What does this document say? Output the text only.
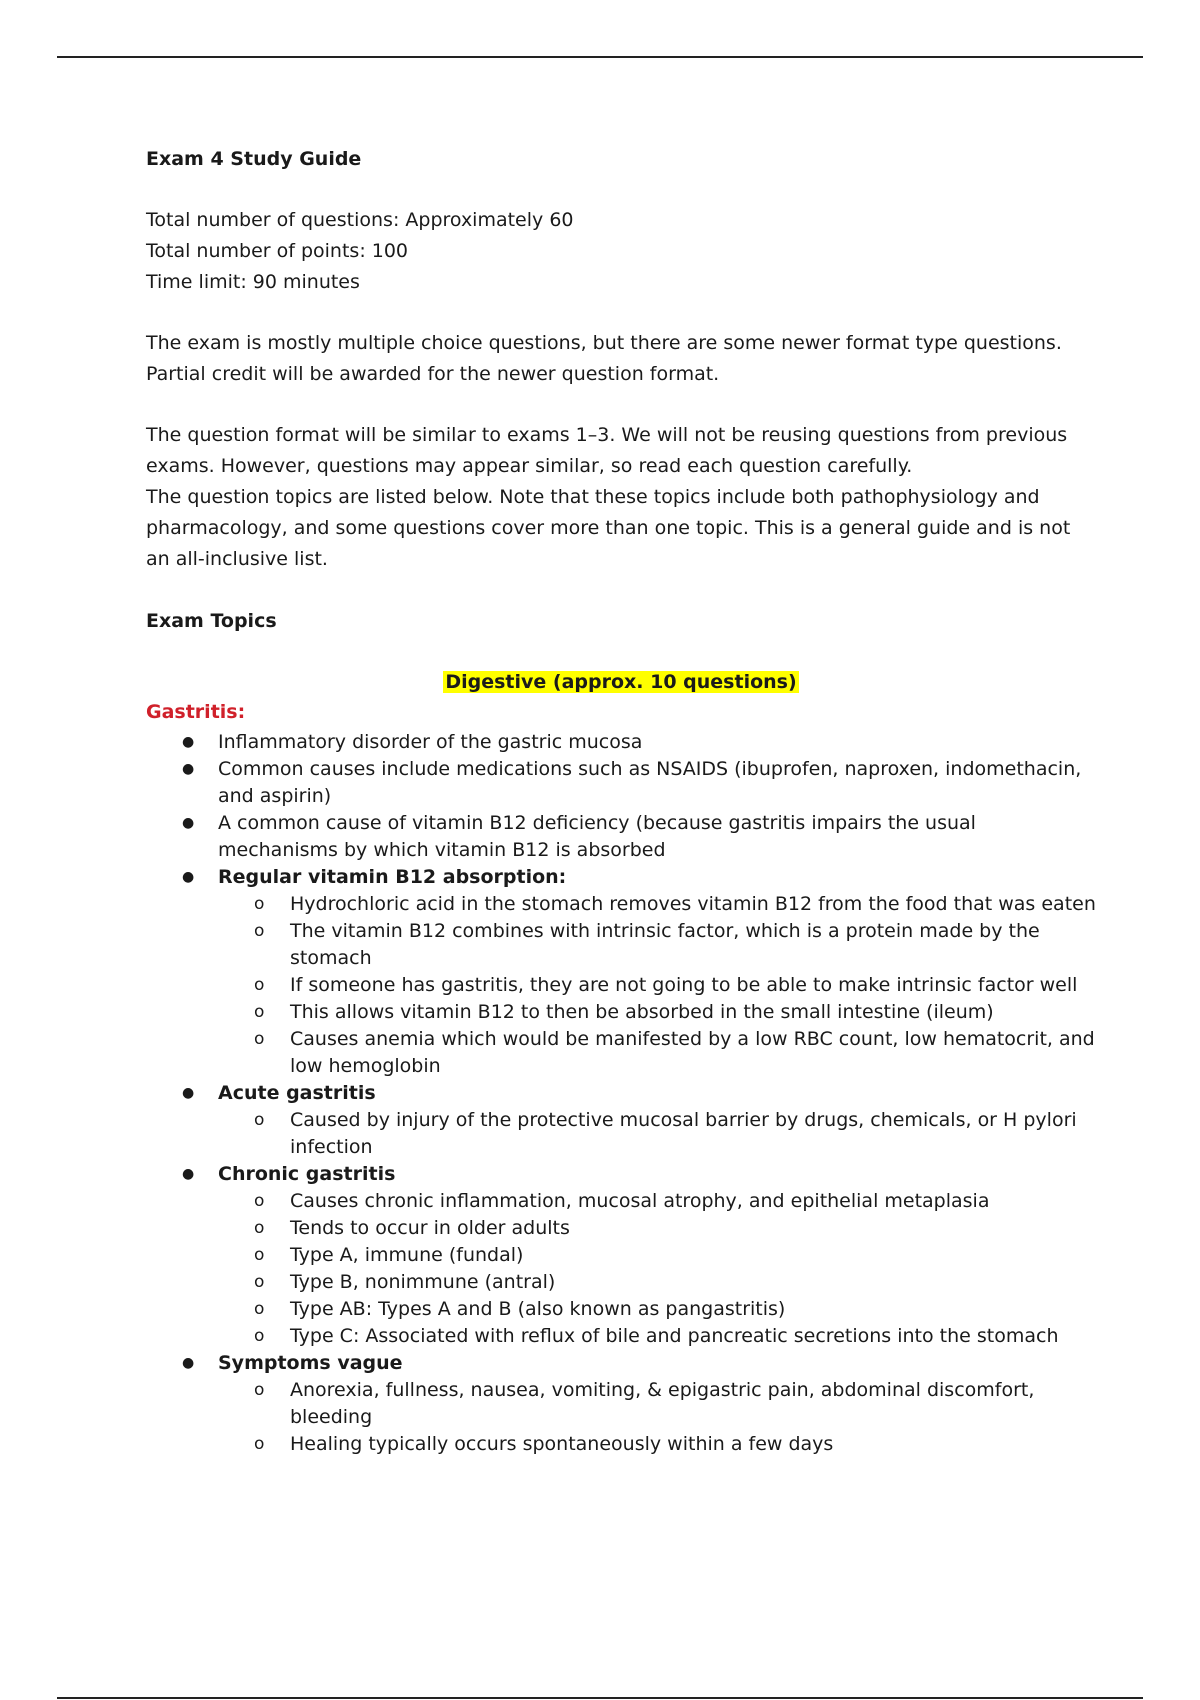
Exam 4 Study Guide

Total number of questions: Approximately 60

Total number of points: 100

Time limit: 90 minutes

The exam is mostly multiple choice questions, but there are some newer format type questions. Partial credit will be awarded for the newer question format.

The question format will be similar to exams 1–3. We will not be reusing questions from previous exams. However, questions may appear similar, so read each question carefully.

The question topics are listed below. Note that these topics include both pathophysiology and pharmacology, and some questions cover more than one topic. This is a general guide and is not an all-inclusive list.

Exam Topics

Digestive (approx. 10 questions)

Gastritis:

● Inflammatory disorder of the gastric mucosa
● Common causes include medications such as NSAIDS (ibuprofen, naproxen, indomethacin, and aspirin)
● A common cause of vitamin B12 deficiency (because gastritis impairs the usual mechanisms by which vitamin B12 is absorbed
● Regular vitamin B12 absorption:
o Hydrochloric acid in the stomach removes vitamin B12 from the food that was eaten
o The vitamin B12 combines with intrinsic factor, which is a protein made by the stomach
o If someone has gastritis, they are not going to be able to make intrinsic factor well
o This allows vitamin B12 to then be absorbed in the small intestine (ileum)
o Causes anemia which would be manifested by a low RBC count, low hematocrit, and low hemoglobin
● Acute gastritis
o Caused by injury of the protective mucosal barrier by drugs, chemicals, or H pylori infection
● Chronic gastritis
o Causes chronic inflammation, mucosal atrophy, and epithelial metaplasia
o Tends to occur in older adults
o Type A, immune (fundal)
o Type B, nonimmune (antral)
o Type AB: Types A and B (also known as pangastritis)
o Type C: Associated with reflux of bile and pancreatic secretions into the stomach
● Symptoms vague
o Anorexia, fullness, nausea, vomiting, & epigastric pain, abdominal discomfort, bleeding
o Healing typically occurs spontaneously within a few days
